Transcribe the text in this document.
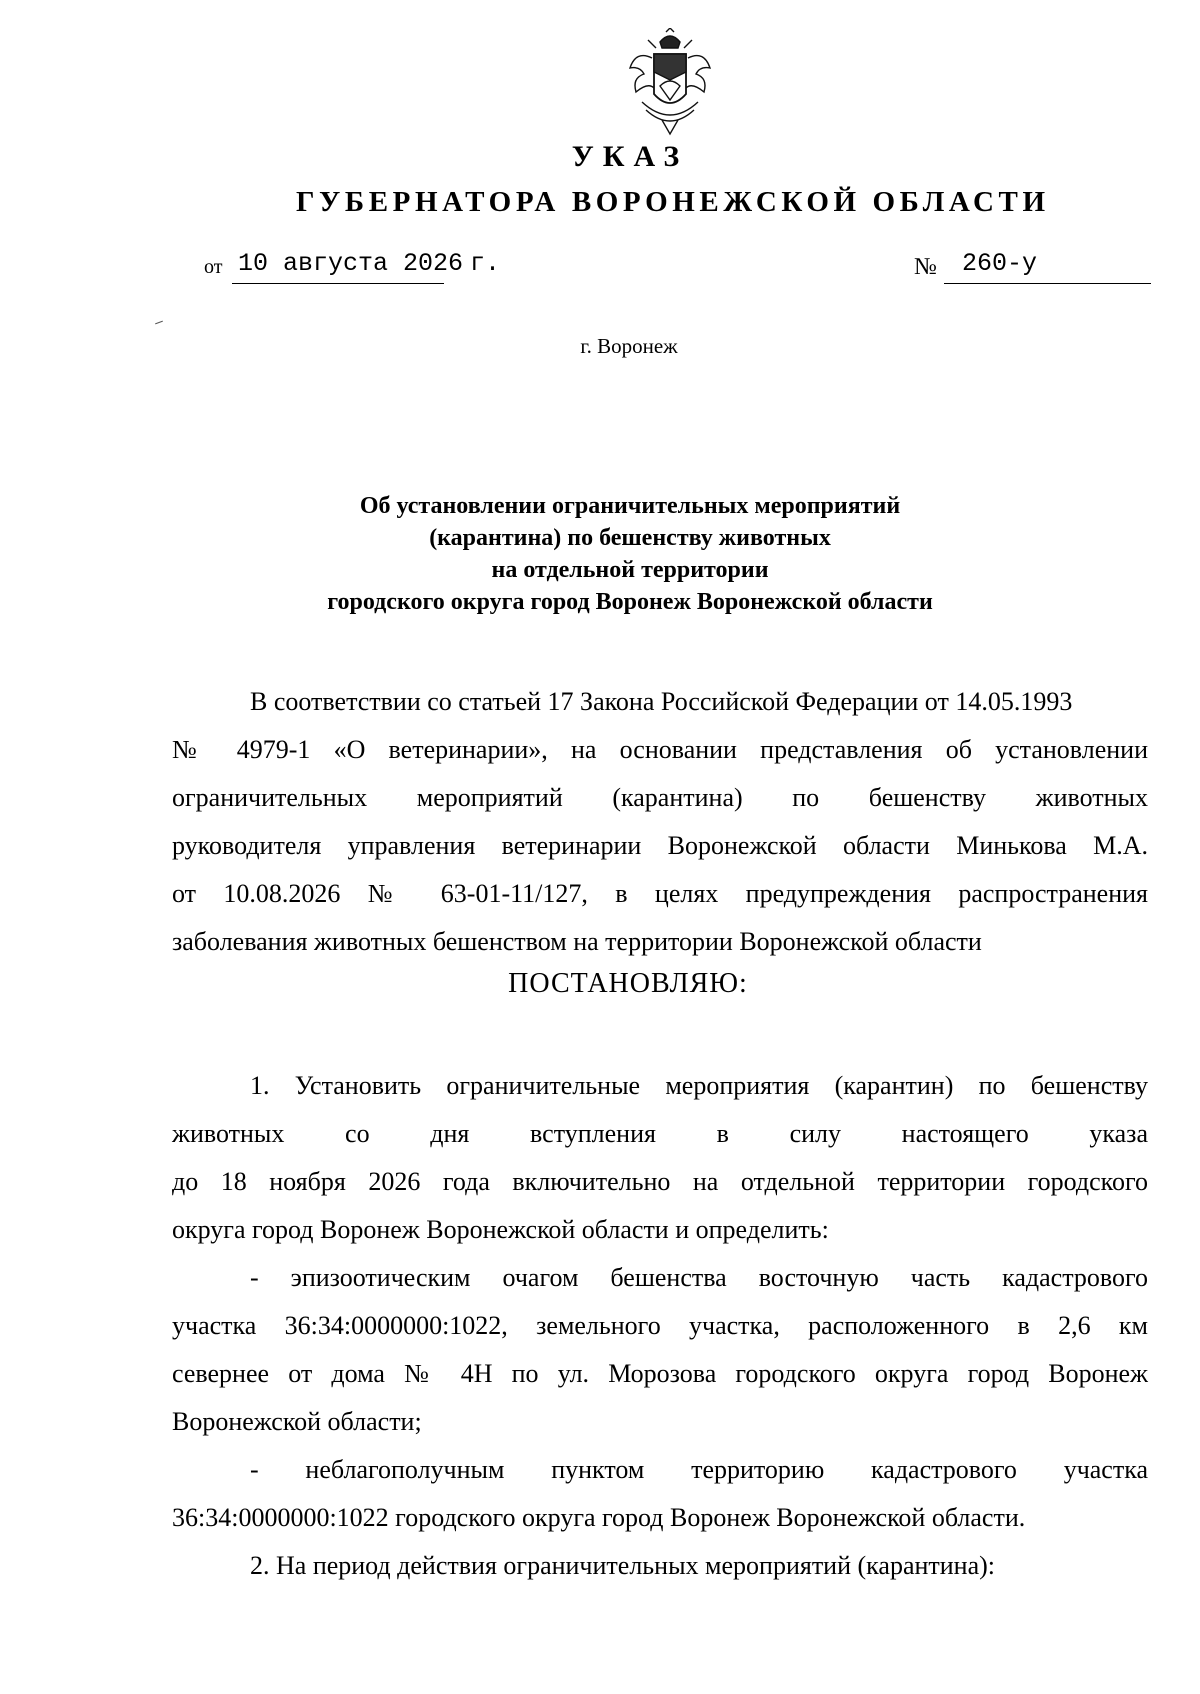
УКАЗ
ГУБЕРНАТОРА ВОРОНЕЖСКОЙ ОБЛАСТИ
от 10 августа 2026 г.	№ 260-у
г. Воронеж
Об установлении ограничительных мероприятий
(карантина) по бешенству животных
на отдельной территории
городского округа город Воронеж Воронежской области
В соответствии со статьей 17 Закона Российской Федерации от 14.05.1993
№ 4979-1 «О ветеринарии», на основании представления об установлении
ограничительных мероприятий (карантина) по бешенству животных
руководителя управления ветеринарии Воронежской области Минькова М.А.
от 10.08.2026 № 63-01-11/127, в целях предупреждения распространения
заболевания животных бешенством на территории Воронежской области
ПОСТАНОВЛЯЮ:
1. Установить ограничительные мероприятия (карантин) по бешенству
животных со дня вступления в силу настоящего указа
до 18 ноября 2026 года включительно на отдельной территории городского
округа город Воронеж Воронежской области и определить:
- эпизоотическим очагом бешенства восточную часть кадастрового
участка 36:34:0000000:1022, земельного участка, расположенного в 2,6 км
севернее от дома № 4Н по ул. Морозова городского округа город Воронеж
Воронежской области;
- неблагополучным пунктом территорию кадастрового участка
36:34:0000000:1022 городского округа город Воронеж Воронежской области.
2. На период действия ограничительных мероприятий (карантина):
